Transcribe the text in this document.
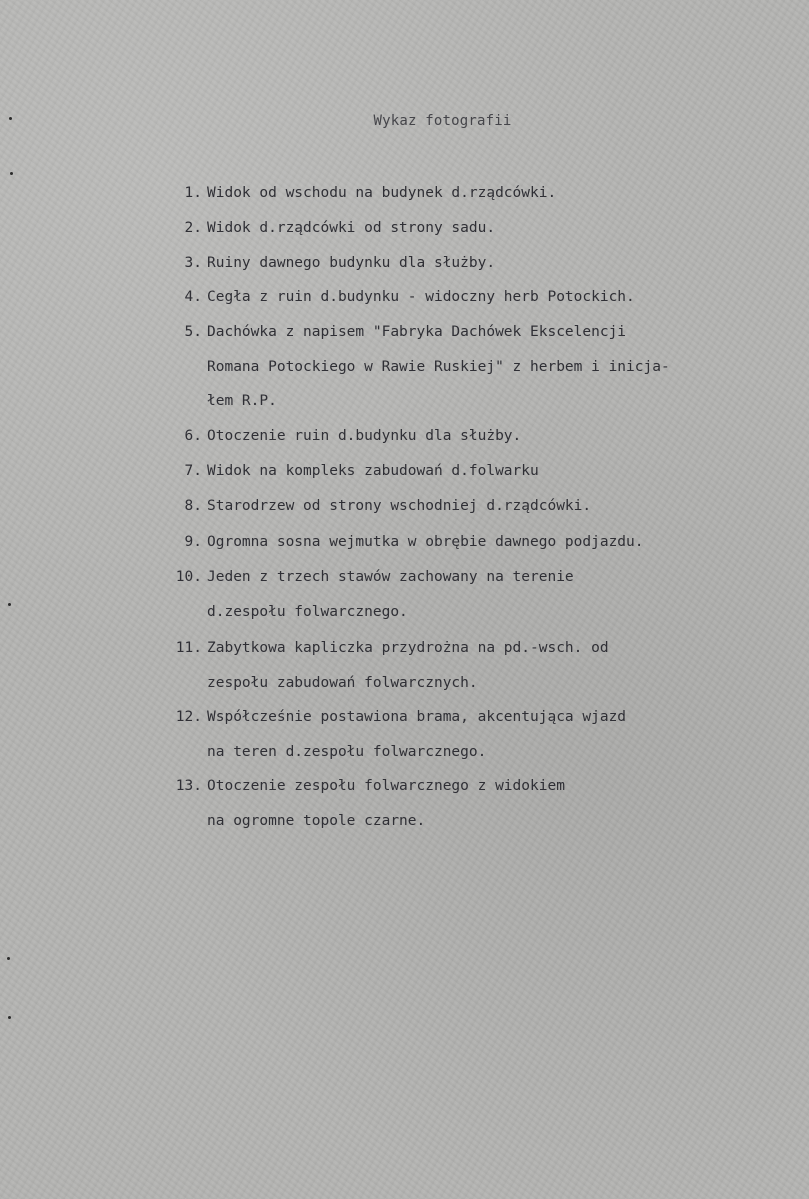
Wykaz fotografii
1. Widok od wschodu na budynek d.rządcówki.
2. Widok d.rządcówki od strony sadu.
3. Ruiny dawnego budynku dla służby.
4. Cegła z ruin d.budynku - widoczny herb Potockich.
5. Dachówka z napisem "Fabryka Dachówek Ekscelencji
Romana Potockiego w Rawie Ruskiej" z herbem i inicja-
łem R.P.
6. Otoczenie ruin d.budynku dla służby.
7. Widok na kompleks zabudowań d.folwarku
8. Starodrzew od strony wschodniej d.rządcówki.
9. Ogromna sosna wejmutka w obrębie dawnego podjazdu.
10. Jeden z trzech stawów zachowany na terenie
d.zespołu folwarcznego.
11. Zabytkowa kapliczka przydrożna na pd.-wsch. od
zespołu zabudowań folwarcznych.
12. Współcześnie postawiona brama, akcentująca wjazd
na teren d.zespołu folwarcznego.
13. Otoczenie zespołu folwarcznego z widokiem
na ogromne topole czarne.
